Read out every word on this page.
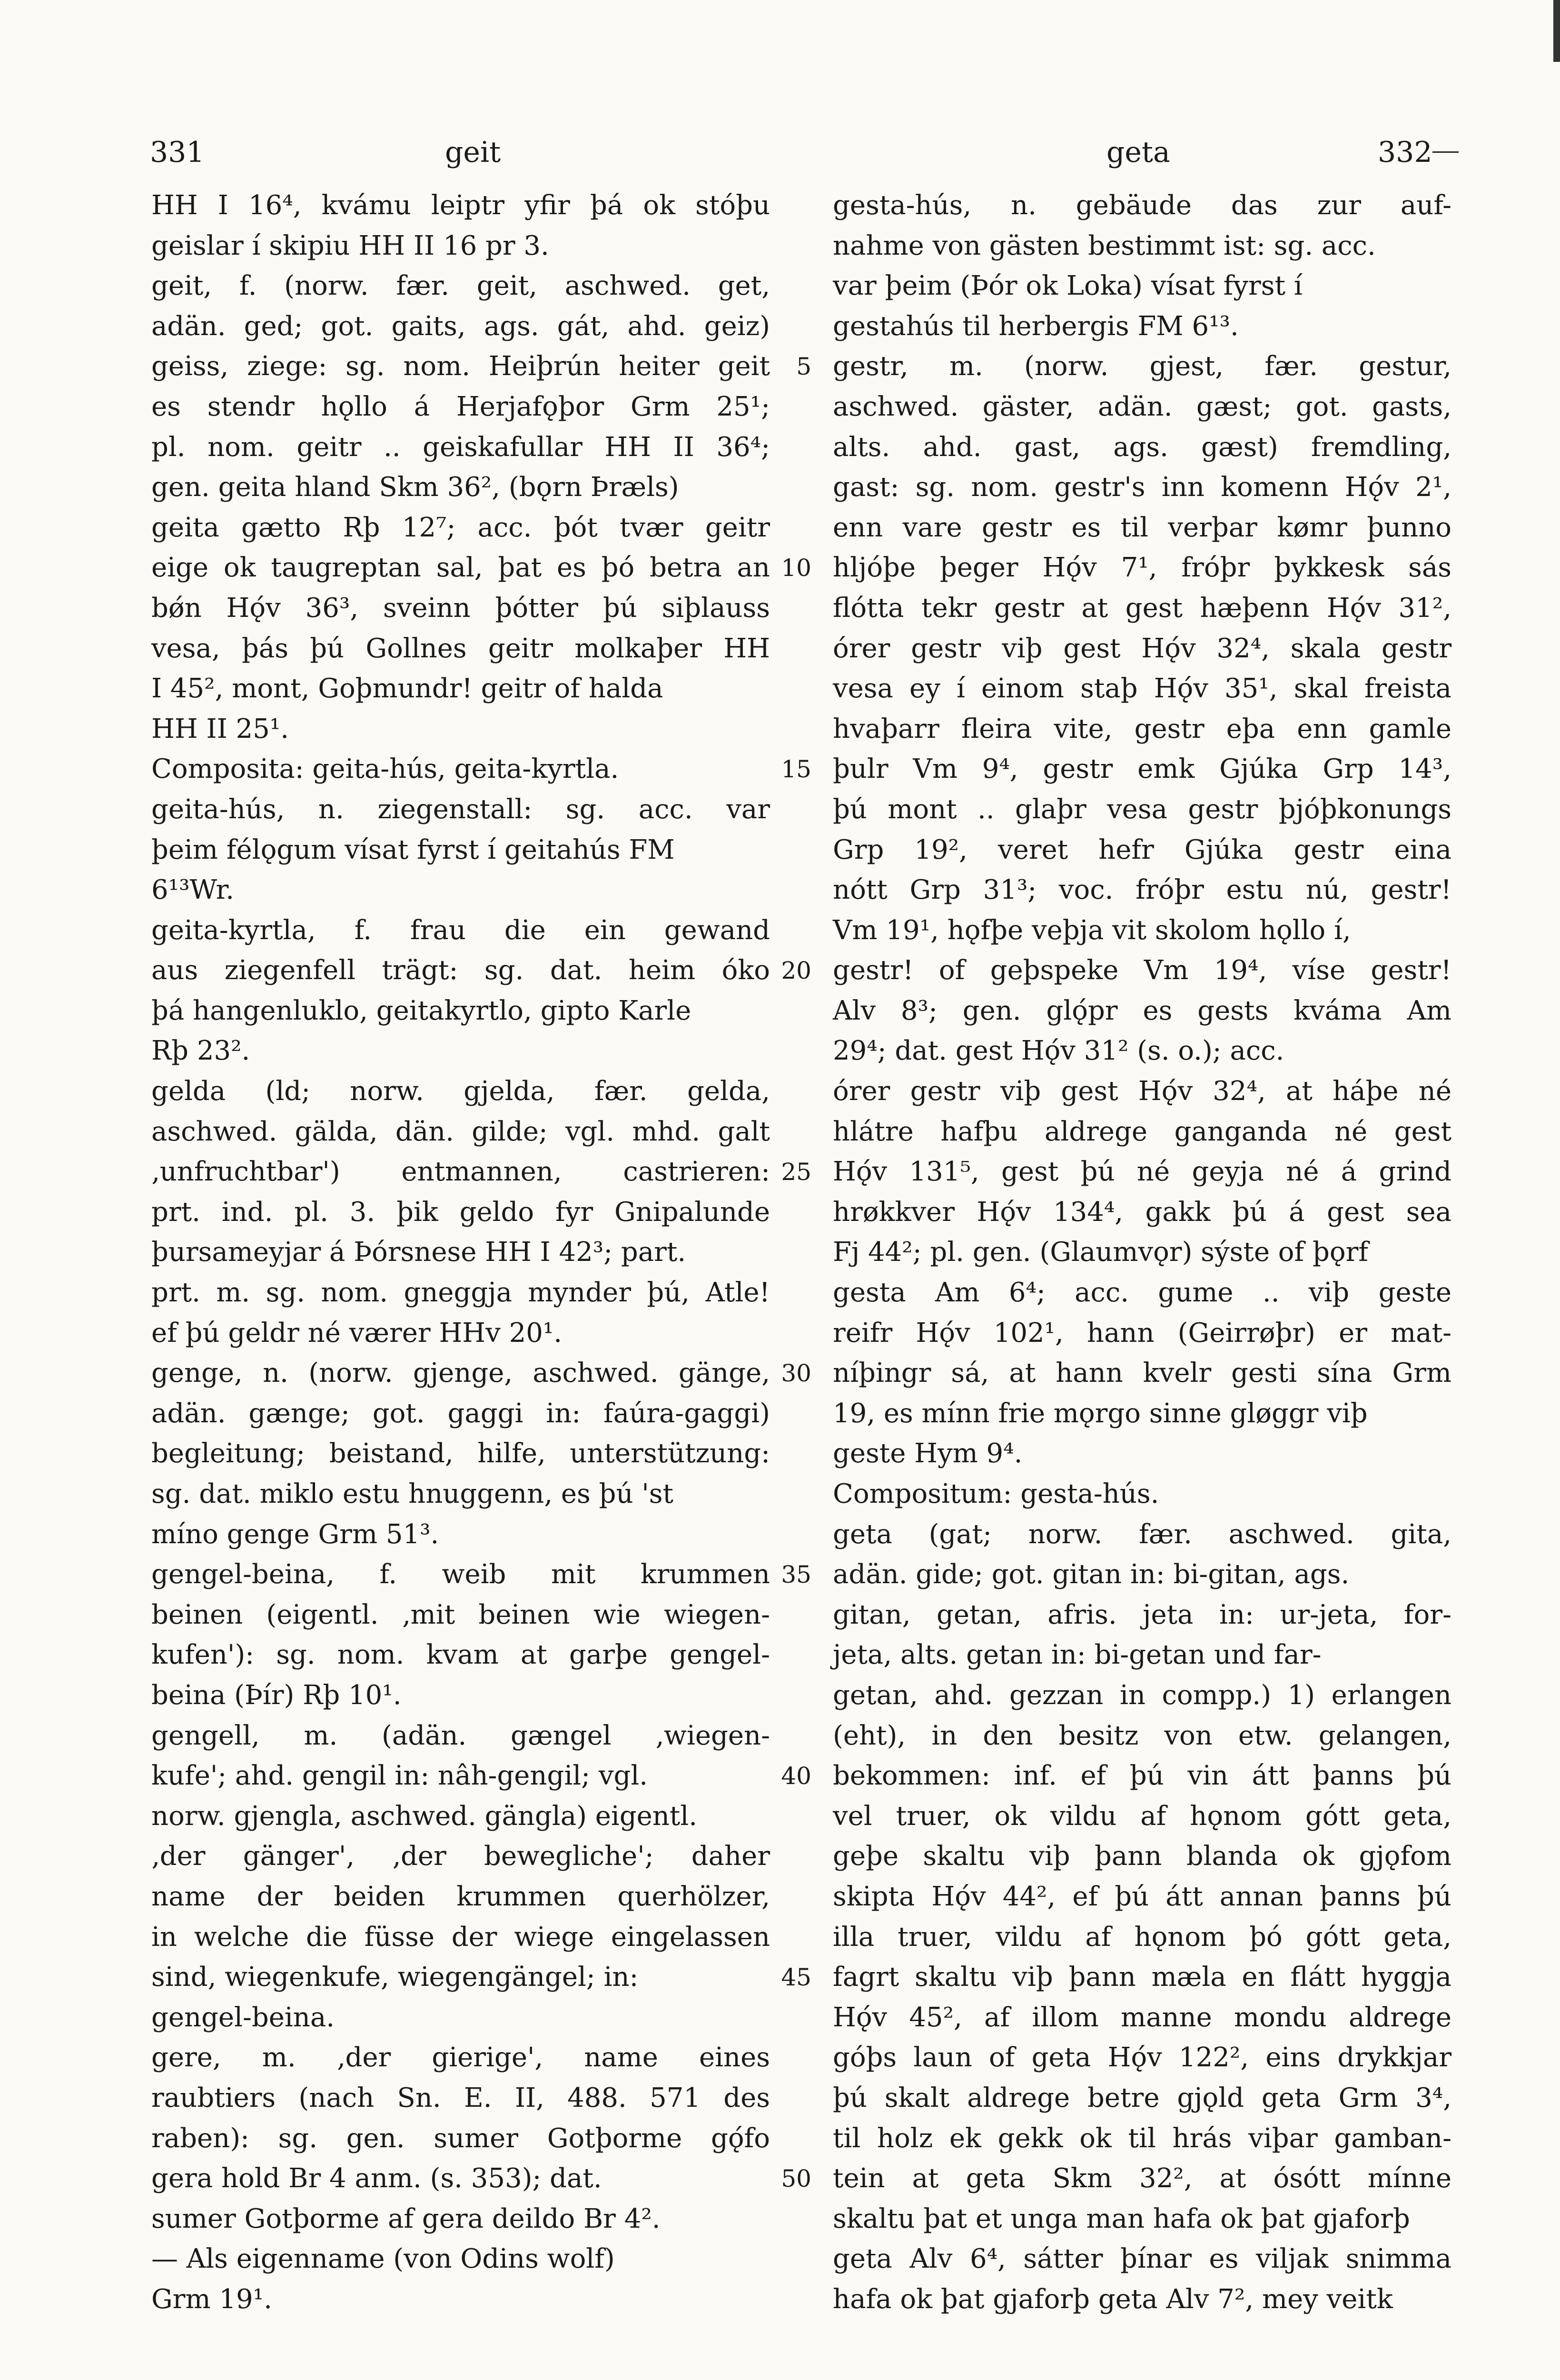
331	geit	geta	332
HH I 16⁴, kvámu leiptr yfir þá ok stóþu
geislar í skipiu HH II 16 pr 3.
geit, f. (norw. fær. geit, aschwed. get,
adän. ged; got. gaits, ags. gát, ahd. geiz)
geiss, ziege: sg. nom. Heiþrún heiter geit
es stendr hǫllo á Herjafǫþor Grm 25¹;
pl. nom. geitr .. geiskafullar HH II 36⁴;
gen. geita hland Skm 36², (bǫrn Þræls)
geita gætto Rþ 12⁷; acc. þót tvær geitr
eige ok taugreptan sal, þat es þó betra an
bǿn Hǫ́v 36³, sveinn þótter þú siþlauss
vesa, þás þú Gollnes geitr molkaþer HH
I 45², mont, Goþmundr! geitr of halda
HH II 25¹.
Composita: geita-hús, geita-kyrtla.
geita-hús, n. ziegenstall: sg. acc. var
þeim félǫgum vísat fyrst í geitahús FM
6¹³Wr.
geita-kyrtla, f. frau die ein gewand
aus ziegenfell trägt: sg. dat. heim óko
þá hangenluklo, geitakyrtlo, gipto Karle
Rþ 23².
gelda (ld; norw. gjelda, fær. gelda,
aschwed. gälda, dän. gilde; vgl. mhd. galt
‚unfruchtbar') entmannen, castrieren:
prt. ind. pl. 3. þik geldo fyr Gnipalunde
þursameyjar á Þórsnese HH I 42³; part.
prt. m. sg. nom. gneggja mynder þú, Atle!
ef þú geldr né værer HHv 20¹.
genge, n. (norw. gjenge, aschwed. gänge,
adän. gænge; got. gaggi in: faúra-gaggi)
begleitung; beistand, hilfe, unterstützung:
sg. dat. miklo estu hnuggenn, es þú 'st
míno genge Grm 51³.
gengel-beina, f. weib mit krummen
beinen (eigentl. ‚mit beinen wie wiegen-
kufen'): sg. nom. kvam at garþe gengel-
beina (Þír) Rþ 10¹.
gengell, m. (adän. gængel ‚wiegen-
kufe'; ahd. gengil in: nâh-gengil; vgl.
norw. gjengla, aschwed. gängla) eigentl.
‚der gänger', ‚der bewegliche'; daher
name der beiden krummen querhölzer,
in welche die füsse der wiege eingelassen
sind, wiegenkufe, wiegengängel; in:
gengel-beina.
gere, m. ‚der gierige', name eines
raubtiers (nach Sn. E. II, 488. 571 des
raben): sg. gen. sumer Gotþorme gǫ́fo
gera hold Br 4 anm. (s. 353); dat.
sumer Gotþorme af gera deildo Br 4².
— Als eigenname (von Odins wolf)
Grm 19¹.
5
10
15
20
25
30
35
40
45
50
gesta-hús, n. gebäude das zur auf-
nahme von gästen bestimmt ist: sg. acc.
var þeim (Þór ok Loka) vísat fyrst í
gestahús til herbergis FM 6¹³.
gestr, m. (norw. gjest, fær. gestur,
aschwed. gäster, adän. gæst; got. gasts,
alts. ahd. gast, ags. gæst) fremdling,
gast: sg. nom. gestr's inn komenn Hǫ́v 2¹,
enn vare gestr es til verþar kømr þunno
hljóþe þeger Hǫ́v 7¹, fróþr þykkesk sás
flótta tekr gestr at gest hæþenn Hǫ́v 31²,
órer gestr viþ gest Hǫ́v 32⁴, skala gestr
vesa ey í einom staþ Hǫ́v 35¹, skal freista
hvaþarr fleira vite, gestr eþa enn gamle
þulr Vm 9⁴, gestr emk Gjúka Grp 14³,
þú mont .. glaþr vesa gestr þjóþkonungs
Grp 19², veret hefr Gjúka gestr eina
nótt Grp 31³; voc. fróþr estu nú, gestr!
Vm 19¹, hǫfþe veþja vit skolom hǫllo í,
gestr! of geþspeke Vm 19⁴, víse gestr!
Alv 8³; gen. glǫ́pr es gests kváma Am
29⁴; dat. gest Hǫ́v 31² (s. o.); acc.
órer gestr viþ gest Hǫ́v 32⁴, at háþe né
hlátre hafþu aldrege ganganda né gest
Hǫ́v 131⁵, gest þú né geyja né á grind
hrøkkver Hǫ́v 134⁴, gakk þú á gest sea
Fj 44²; pl. gen. (Glaumvǫr) sýste of þǫrf
gesta Am 6⁴; acc. gume .. viþ geste
reifr Hǫ́v 102¹, hann (Geirrøþr) er mat-
níþingr sá, at hann kvelr gesti sína Grm
19, es mínn frie mǫrgo sinne gløggr viþ
geste Hym 9⁴.
Compositum: gesta-hús.
geta (gat; norw. fær. aschwed. gita,
adän. gide; got. gitan in: bi-gitan, ags.
gitan, getan, afris. jeta in: ur-jeta, for-
jeta, alts. getan in: bi-getan und far-
getan, ahd. gezzan in compp.) 1) erlangen
(eht), in den besitz von etw. gelangen,
bekommen: inf. ef þú vin átt þanns þú
vel truer, ok vildu af hǫnom gótt geta,
geþe skaltu viþ þann blanda ok gjǫfom
skipta Hǫ́v 44², ef þú átt annan þanns þú
illa truer, vildu af hǫnom þó gótt geta,
fagrt skaltu viþ þann mæla en flátt hyggja
Hǫ́v 45², af illom manne mondu aldrege
góþs laun of geta Hǫ́v 122², eins drykkjar
þú skalt aldrege betre gjǫld geta Grm 3⁴,
til holz ek gekk ok til hrás viþar gamban-
tein at geta Skm 32², at ósótt mínne
skaltu þat et unga man hafa ok þat gjaforþ
geta Alv 6⁴, sátter þínar es viljak snimma
hafa ok þat gjaforþ geta Alv 7², mey veitk
